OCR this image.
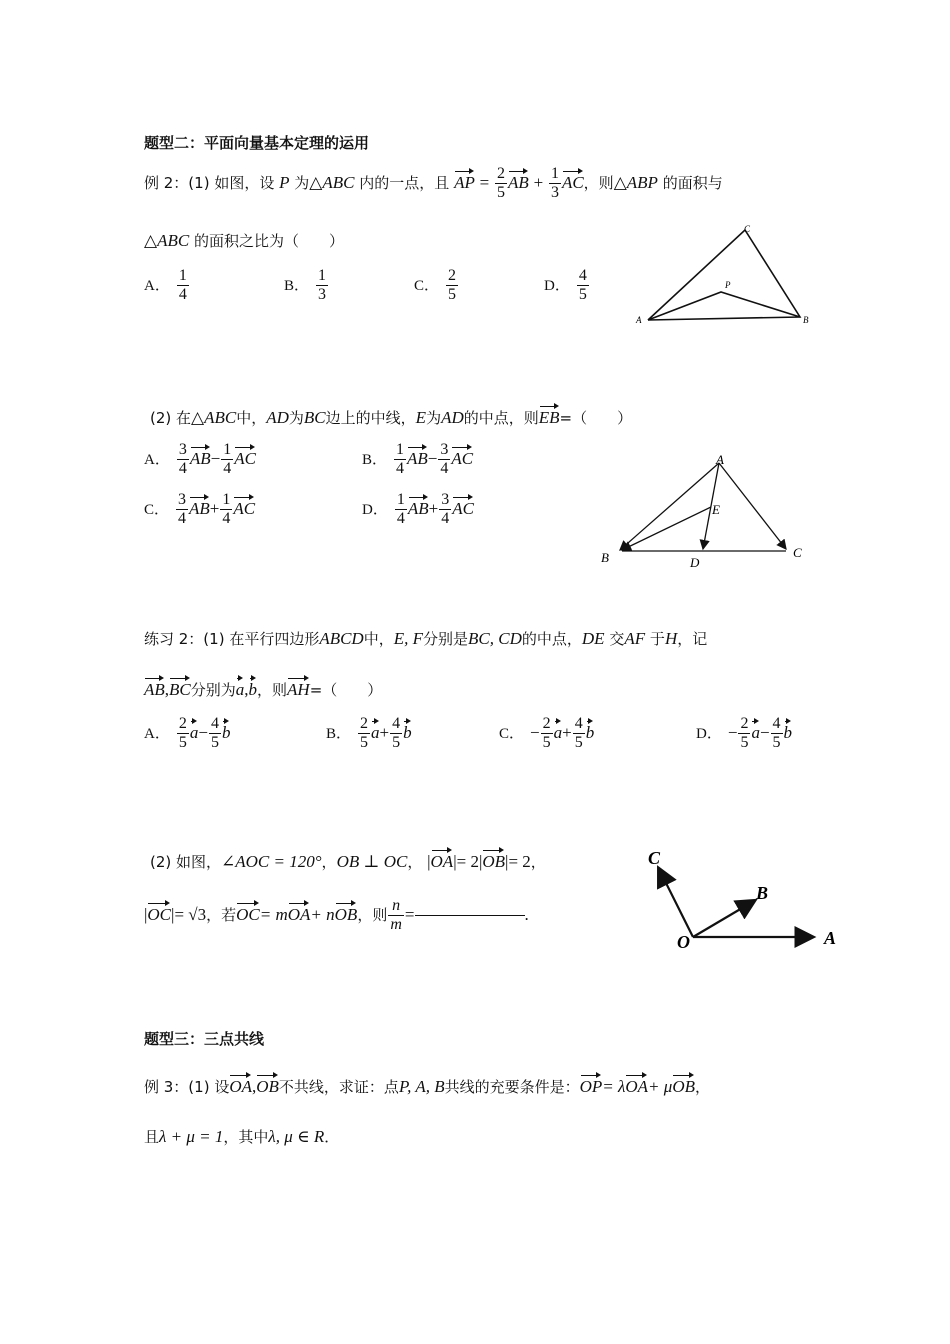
题型二：平面向量基本定理的运用
例 2：(1) 如图，设 P 为△ABC 内的一点，且 AP = $\frac{2}{5}$ AB + $\frac{1}{3}$ AC，则△ABP 的面积与
△ABC 的面积之比为（　　）
A． $\frac{1}{4}$	B． $\frac{1}{3}$	C． $\frac{2}{5}$	D． $\frac{4}{5}$
A	B
C
P
(2) 在△ABC中，AD为BC边上的中线，E为AD的中点，则EB=（　　）
A． $\frac{3}{4} AB- \frac{1}{4}$ AC	B． $\frac{1}{4} AB- \frac{3}{4}$ AC
C． $\frac{3}{4} AB+ \frac{1}{4}$ AC	D． $\frac{1}{4} AB+ \frac{3}{4}$ AC
A
B	C
D
E
练习 2：(1) 在平行四边形ABCD中，E, F分别是BC, CD的中点，DE 交AF 于H，记
AB,BC分别为a,b，则AH=（　　）
A． $\frac{2}{5} a- \frac{4}{5}$ b	B． $\frac{2}{5} a+ \frac{4}{5}$ b	C． − $\frac{2}{5} a+ \frac{4}{5}$ b	D． − $\frac{2}{5} a- \frac{4}{5}$ b
(2) 如图，∠AOC = 120°，OB ⊥ OC， |OA|= 2|OB|= 2，
|OC|= √3，若OC= mOA+ nOB，则 $\frac{n}{m}$ =	.
C
B
O	A
题型三：三点共线
例 3：(1) 设OA,OB不共线，求证：点P, A, B共线的充要条件是：OP= λOA+ μOB，
且λ + μ = 1，其中λ, μ ∈ R．
